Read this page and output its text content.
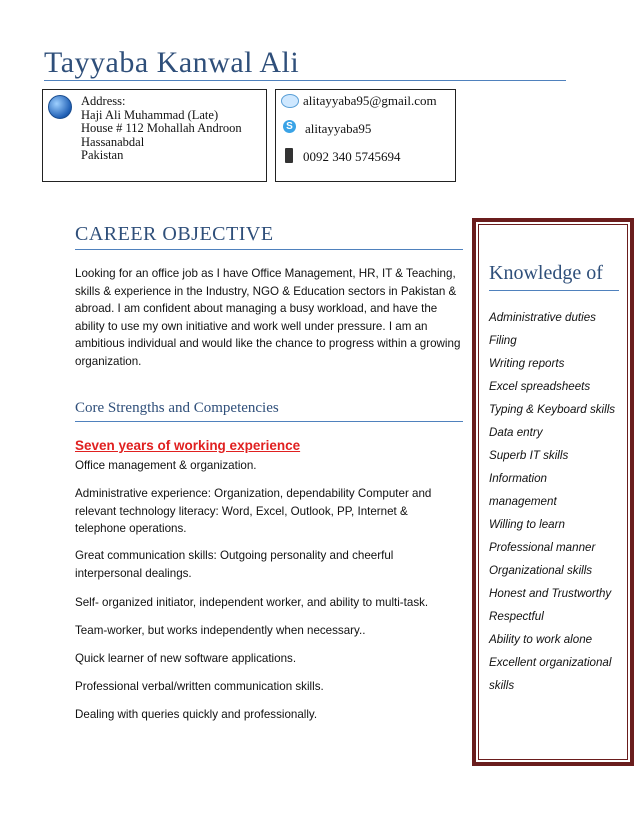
Tayyaba Kanwal Ali
Address:
Haji Ali Muhammad (Late)
House # 112 Mohallah Androon
Hassanabdal
Pakistan
alitayyaba95@gmail.com
S alitayyaba95
0092 340 5745694
CAREER OBJECTIVE
Looking for an office job as I have Office Management, HR, IT & Teaching, skills & experience in the Industry, NGO & Education sectors in Pakistan & abroad. I am confident about managing a busy workload, and have the ability to use my own initiative and work well under pressure. I am an ambitious individual and would like the chance to progress within a growing organization.
Core Strengths and Competencies
Seven years of working experience
Office management & organization.
Administrative experience: Organization, dependability Computer and relevant technology literacy: Word, Excel, Outlook, PP, Internet & telephone operations.
Great communication skills: Outgoing personality and cheerful interpersonal dealings.
Self- organized initiator, independent worker, and ability to multi-task.
Team-worker, but works independently when necessary..
Quick learner of new software applications.
Professional verbal/written communication skills.
Dealing with queries quickly and professionally.
Knowledge of
Administrative duties
Filing
Writing reports
Excel spreadsheets
Typing & Keyboard skills
Data entry
Superb IT skills
Information
management
Willing to learn
Professional manner
Organizational skills
Honest and Trustworthy
Respectful
Ability to work alone
Excellent organizational
skills
